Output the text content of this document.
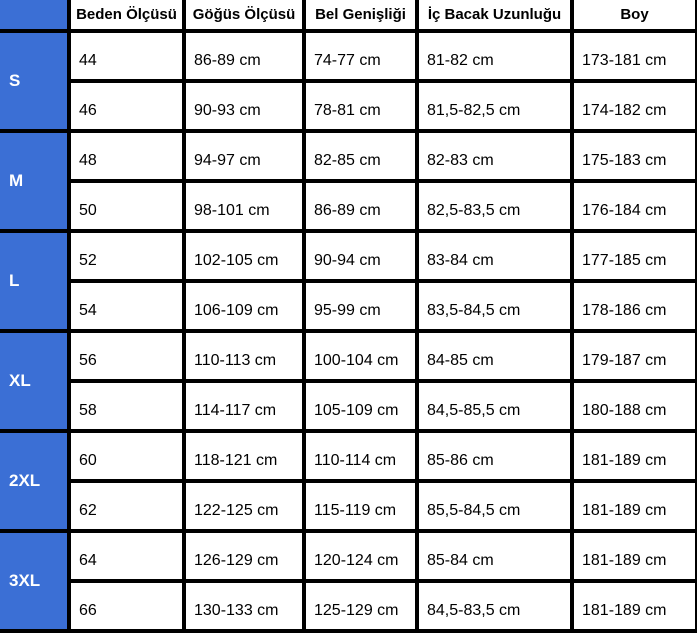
	Beden Ölçüsü	Göğüs Ölçüsü	Bel Genişliği	İç Bacak Uzunluğu	Boy
S	44	86-89 cm	74-77 cm	81-82 cm	173-181 cm
	46	90-93 cm	78-81 cm	81,5-82,5 cm	174-182 cm
M	48	94-97 cm	82-85 cm	82-83 cm	175-183 cm
	50	98-101 cm	86-89 cm	82,5-83,5 cm	176-184 cm
L	52	102-105 cm	90-94 cm	83-84 cm	177-185 cm
	54	106-109 cm	95-99 cm	83,5-84,5 cm	178-186 cm
XL	56	110-113 cm	100-104 cm	84-85 cm	179-187 cm
	58	114-117 cm	105-109 cm	84,5-85,5 cm	180-188 cm
2XL	60	118-121 cm	110-114 cm	85-86 cm	181-189 cm
	62	122-125 cm	115-119 cm	85,5-84,5 cm	181-189 cm
3XL	64	126-129 cm	120-124 cm	85-84 cm	181-189 cm
	66	130-133 cm	125-129 cm	84,5-83,5 cm	181-189 cm
